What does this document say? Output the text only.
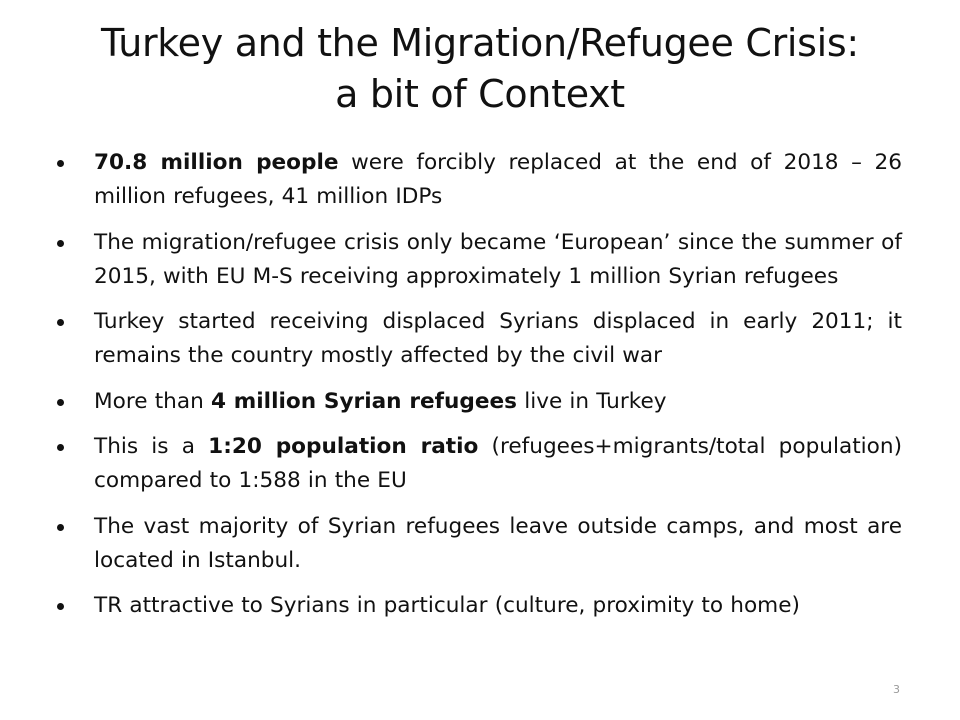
Turkey and the Migration/Refugee Crisis:
a bit of Context
70.8 million people were forcibly replaced at the end of 2018 – 26 million refugees, 41 million IDPs
The migration/refugee crisis only became ‘European’ since the summer of 2015, with EU M-S receiving approximately 1 million Syrian refugees
Turkey started receiving displaced Syrians displaced in early 2011; it remains the country mostly affected by the civil war
More than 4 million Syrian refugees live in Turkey
This is a 1:20 population ratio (refugees+migrants/total population) compared to 1:588 in the EU
The vast majority of Syrian refugees leave outside camps, and most are located in Istanbul.
TR attractive to Syrians in particular (culture, proximity to home)
3
